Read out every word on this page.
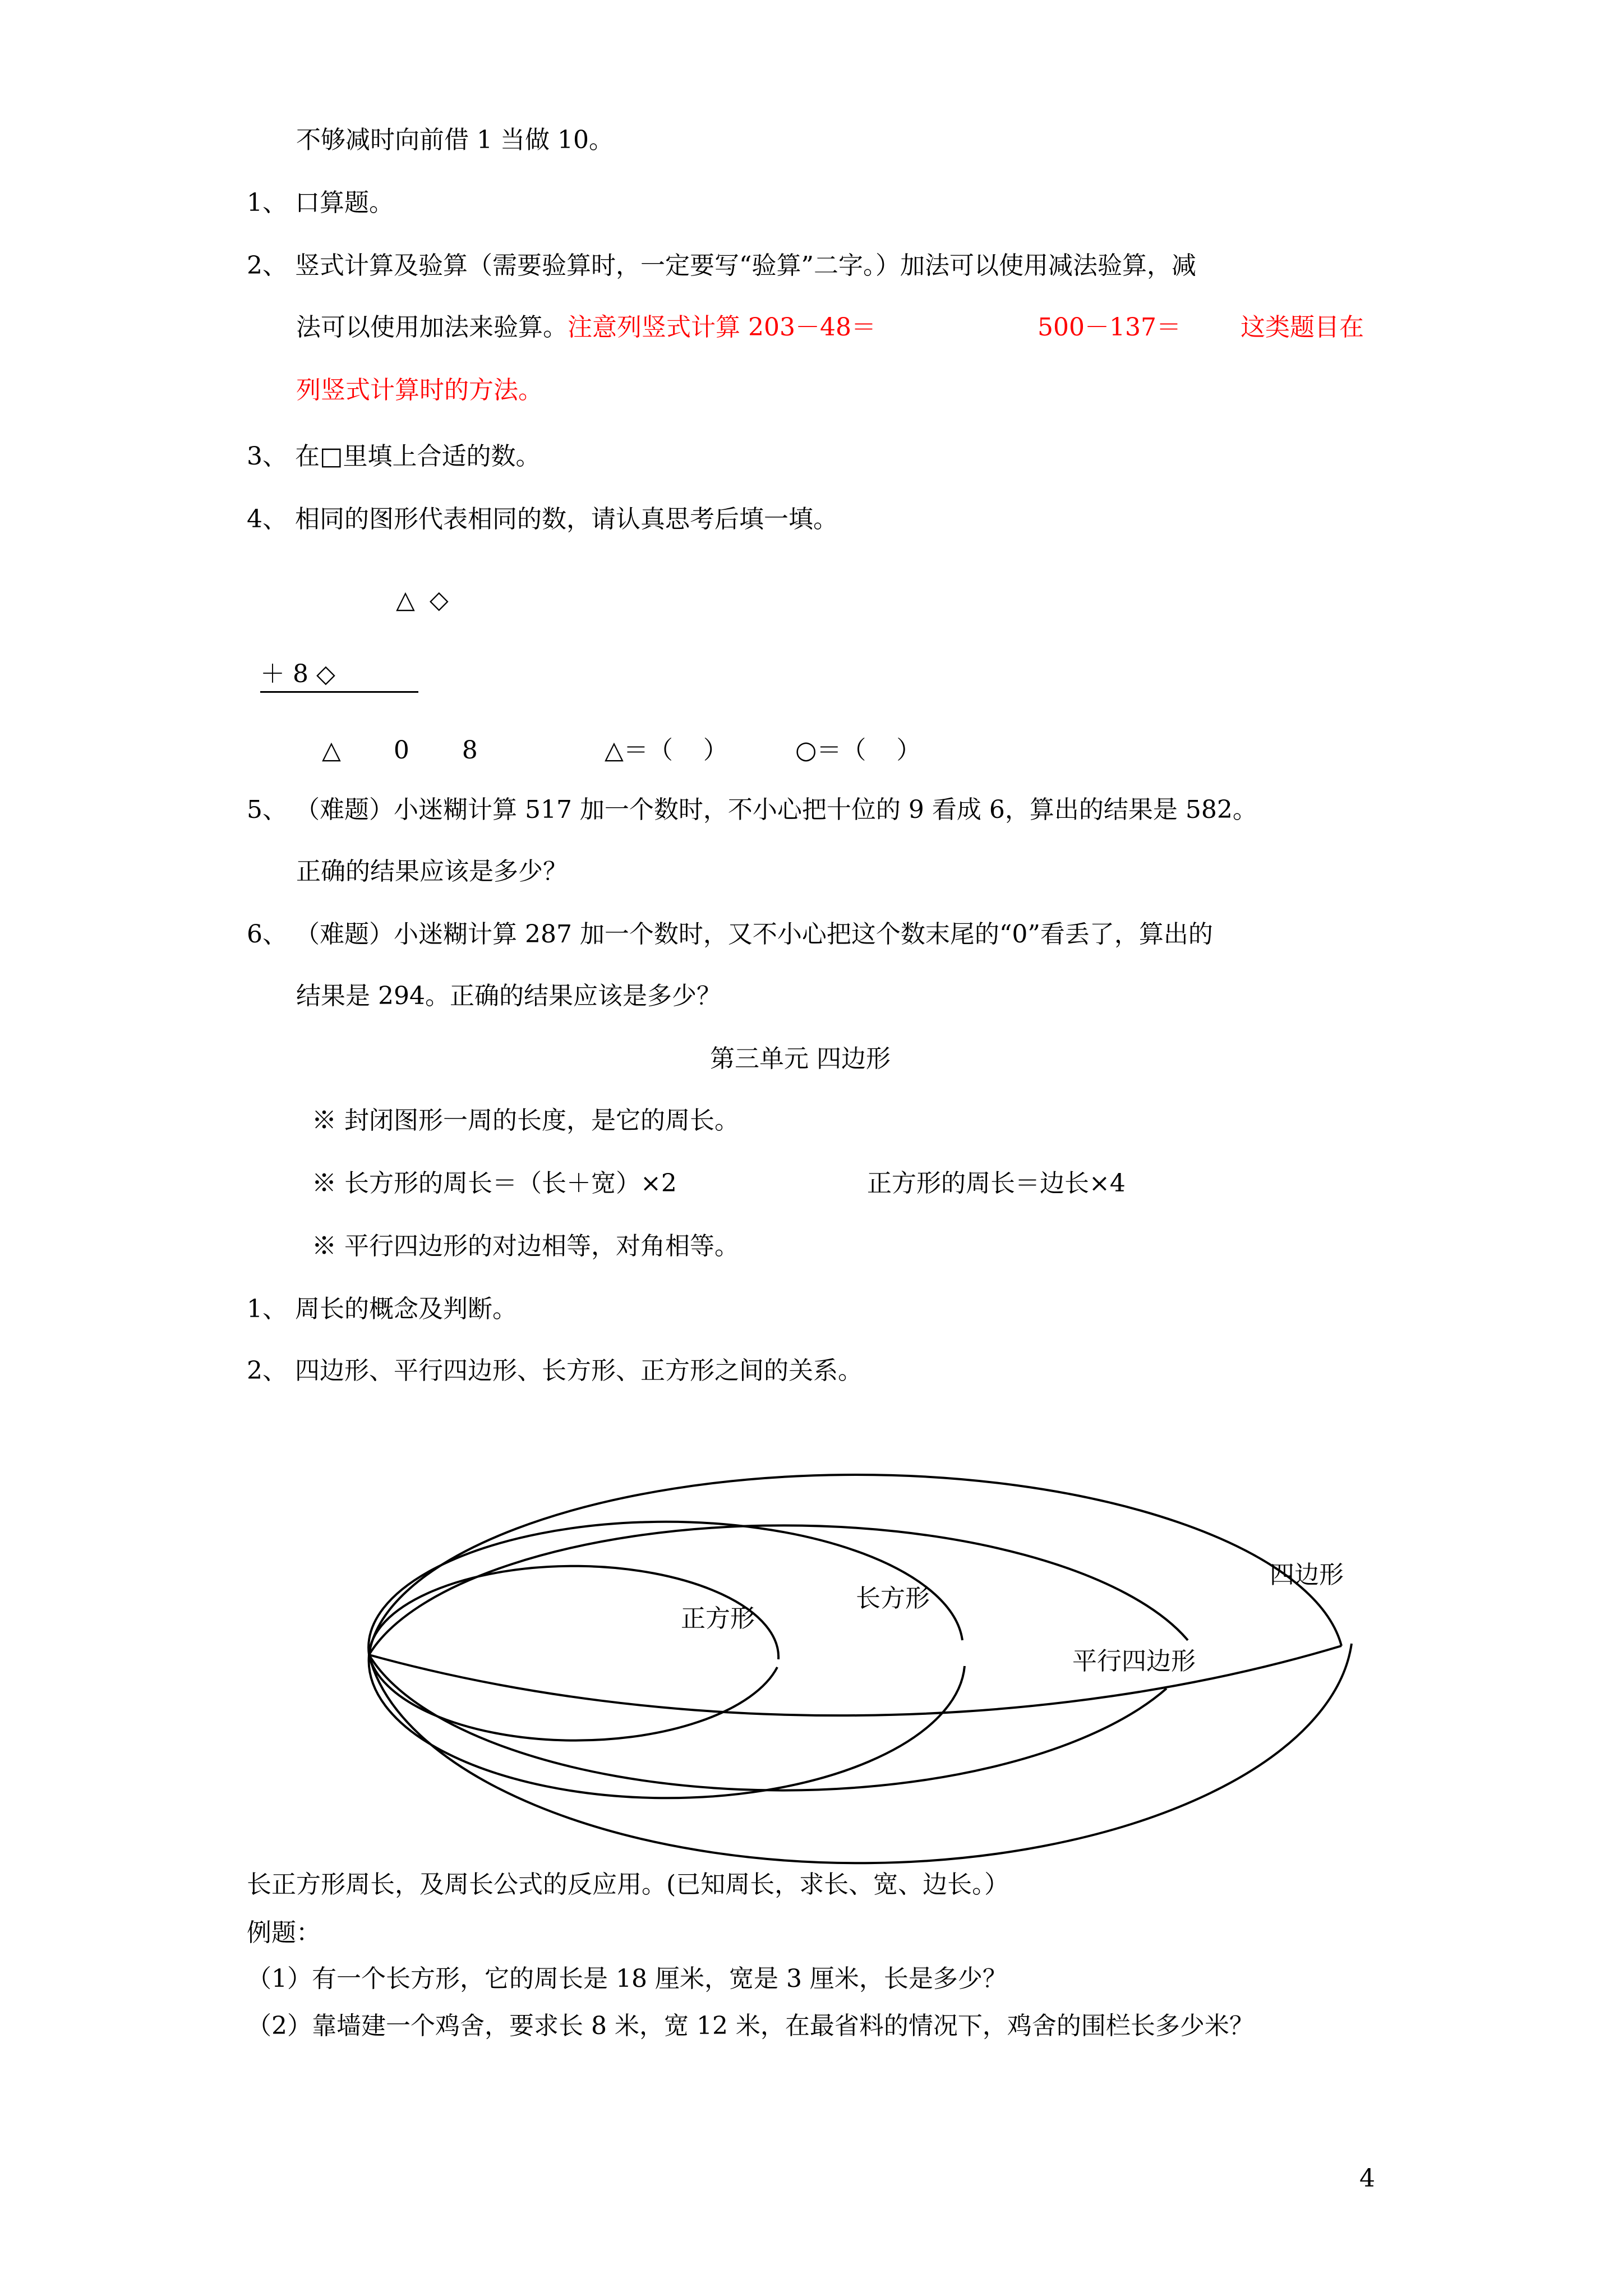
不够减时向前借 1 当做 10。
1、 口算题。
2、 竖式计算及验算（需要验算时，一定要写“验算”二字。）加法可以使用减法验算，减
法可以使用加法来验算。注意列竖式计算 203－48＝	500－137＝ 这类题目在
列竖式计算时的方法。
3、 在□里填上合适的数。
4、 相同的图形代表相同的数，请认真思考后填一填。
△ ◇
＋ 8 ◇
△ 0 8	△＝（ ）	○＝（ ）
5、 （难题）小迷糊计算 517 加一个数时，不小心把十位的 9 看成 6，算出的结果是 582。
正确的结果应该是多少？
6、 （难题）小迷糊计算 287 加一个数时，又不小心把这个数末尾的“0”看丢了，算出的
结果是 294。正确的结果应该是多少？
第三单元 四边形
※ 封闭图形一周的长度，是它的周长。
※ 长方形的周长＝（长＋宽）×2	正方形的周长＝边长×4
※ 平行四边形的对边相等，对角相等。
1、 周长的概念及判断。
2、 四边形、平行四边形、长方形、正方形之间的关系。
正方形
长方形
平行四边形
四边形
长正方形周长，及周长公式的反应用。(已知周长，求长、宽、边长。）
例题：
（1）有一个长方形，它的周长是 18 厘米，宽是 3 厘米，长是多少？
（2）靠墙建一个鸡舍，要求长 8 米，宽 12 米，在最省料的情况下，鸡舍的围栏长多少米？
4
